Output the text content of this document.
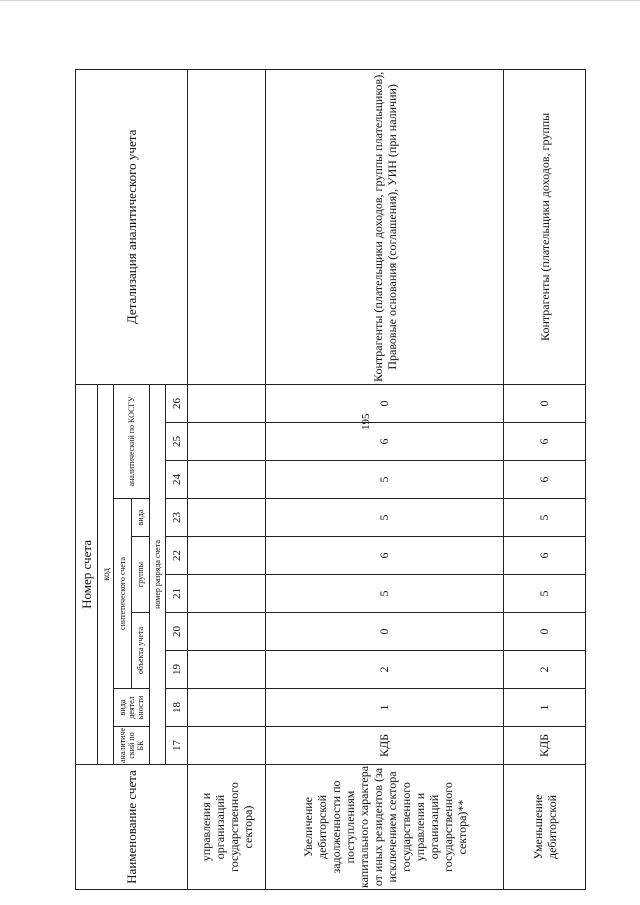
195
Наименование счета	Номер счета										Детализация аналитического учета
	код										
	аналитиче ский по БК	вида деятел ьности	синтетического счета					аналитический по КОСГУ			
			объекта учета		группы		вида				
	номер разряда счета										
	17	18	19	20	21	22	23	24	25	26	
управления и организаций государственного сектора)											
Увеличение дебиторской задолженности по поступлениям капитального характера от иных резидентов (за исключением сектора государственного управления и организаций государственного сектора)**	КДБ	1	2	0	5	6	5	5	6	0	Контрагенты (плательщики доходов, группы плательщиков), Правовые основания (соглашения), УИН (при наличии)
Уменьшение дебиторской	КДБ	1	2	0	5	6	5	6	6	0	Контрагенты (плательщики доходов, группы
